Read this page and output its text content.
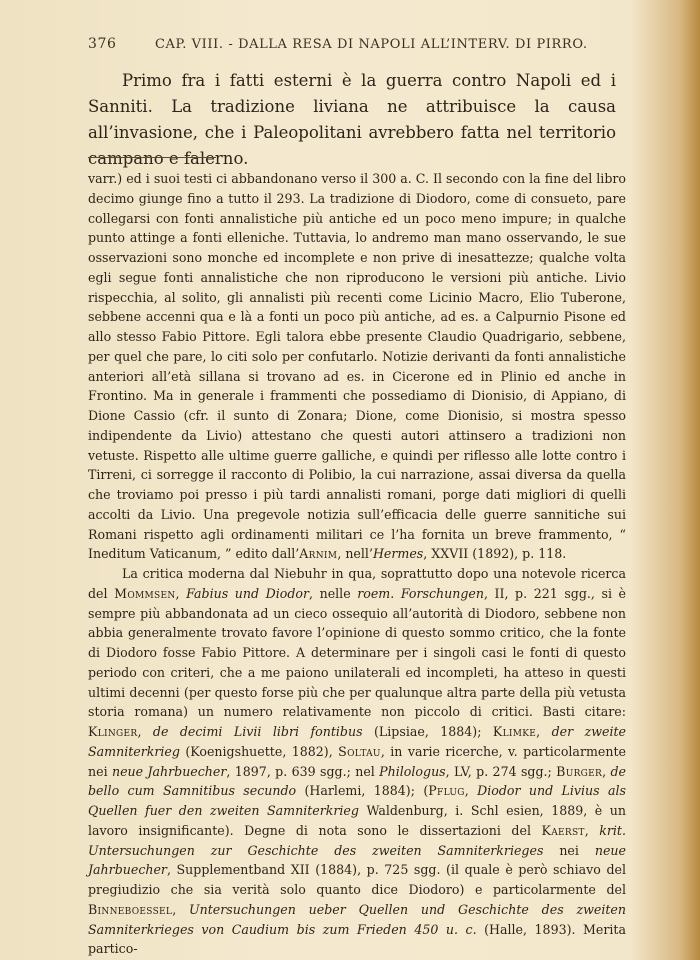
376	CAP. VIII. - DALLA RESA DI NAPOLI ALL’INTERV. DI PIRRO.

Primo fra i fatti esterni è la guerra contro Napoli ed i Sanniti. La tradizione liviana ne attribuisce la causa all’invasione, che i Paleopolitani avrebbero fatta nel territorio campano e falerno.

varr.) ed i suoi testi ci abbandonano verso il 300 a. C. Il secondo con la fine del libro decimo giunge fino a tutto il 293. La tradizione di Diodoro, come di consueto, pare collegarsi con fonti annalistiche più antiche ed un poco meno impure; in qualche punto attinge a fonti elleniche. Tuttavia, lo andremo man mano osservando, le sue osservazioni sono monche ed incomplete e non prive di inesattezze; qualche volta egli segue fonti annalistiche che non riproducono le versioni più antiche. Livio rispecchia, al solito, gli annalisti più recenti come Licinio Macro, Elio Tuberone, sebbene accenni qua e là a fonti un poco più antiche, ad es. a Calpurnio Pisone ed allo stesso Fabio Pittore. Egli talora ebbe presente Claudio Quadrigario, sebbene, per quel che pare, lo citi solo per confutarlo. Notizie derivanti da fonti annalistiche anteriori all’età sillana si trovano ad es. in Cicerone ed in Plinio ed anche in Frontino. Ma in generale i frammenti che possediamo di Dionisio, di Appiano, di Dione Cassio (cfr. il sunto di Zonara; Dione, come Dionisio, si mostra spesso indipendente da Livio) attestano che questi autori attinsero a tradizioni non vetuste. Rispetto alle ultime guerre galliche, e quindi per riflesso alle lotte contro i Tirreni, ci sorregge il racconto di Polibio, la cui narrazione, assai diversa da quella che troviamo poi presso i più tardi annalisti romani, porge dati migliori di quelli accolti da Livio. Una pregevole notizia sull’efficacia delle guerre sannitiche sui Romani rispetto agli ordinamenti militari ce l’ha fornita un breve frammento, “ Ineditum Vaticanum, ” edito dall’Arnim, nell’Hermes, XXVII (1892), p. 118.

La critica moderna dal Niebuhr in qua, soprattutto dopo una notevole ricerca del Mommsen, Fabius und Diodor, nelle roem. Forschungen, II, p. 221 sgg., si è sempre più abbandonata ad un cieco ossequio all’autorità di Diodoro, sebbene non abbia generalmente trovato favore l’opinione di questo sommo critico, che la fonte di Diodoro fosse Fabio Pittore. A determinare per i singoli casi le fonti di questo periodo con criteri, che a me paiono unilaterali ed incompleti, ha atteso in questi ultimi decenni (per questo forse più che per qualunque altra parte della più vetusta storia romana) un numero relativamente non piccolo di critici. Basti citare: Klinger, de decimi Livii libri fontibus (Lipsiae, 1884); Klimke, der zweite Samniterkrieg (Koenigshuette, 1882), Soltau, in varie ricerche, v. particolarmente nei neue Jahrbuecher, 1897, p. 639 sgg.; nel Philologus, LV, p. 274 sgg.; Burger, de bello cum Samnitibus secundo (Harlemi, 1884); (Pflug, Diodor und Livius als Quellen fuer den zweiten Samniterkrieg Waldenburg, i. Schl esien, 1889, è un lavoro insignificante). Degne di nota sono le dissertazioni del Kaerst, krit. Untersuchungen zur Geschichte des zweiten Samniterkrieges nei neue Jahrbuecher, Supplementband XII (1884), p. 725 sgg. (il quale è però schiavo del pregiudizio che sia verità solo quanto dice Diodoro) e particolarmente del Binneboessel, Untersuchungen ueber Quellen und Geschichte des zweiten Samniterkrieges von Caudium bis zum Frieden 450 u. c. (Halle, 1893). Merita partico-
